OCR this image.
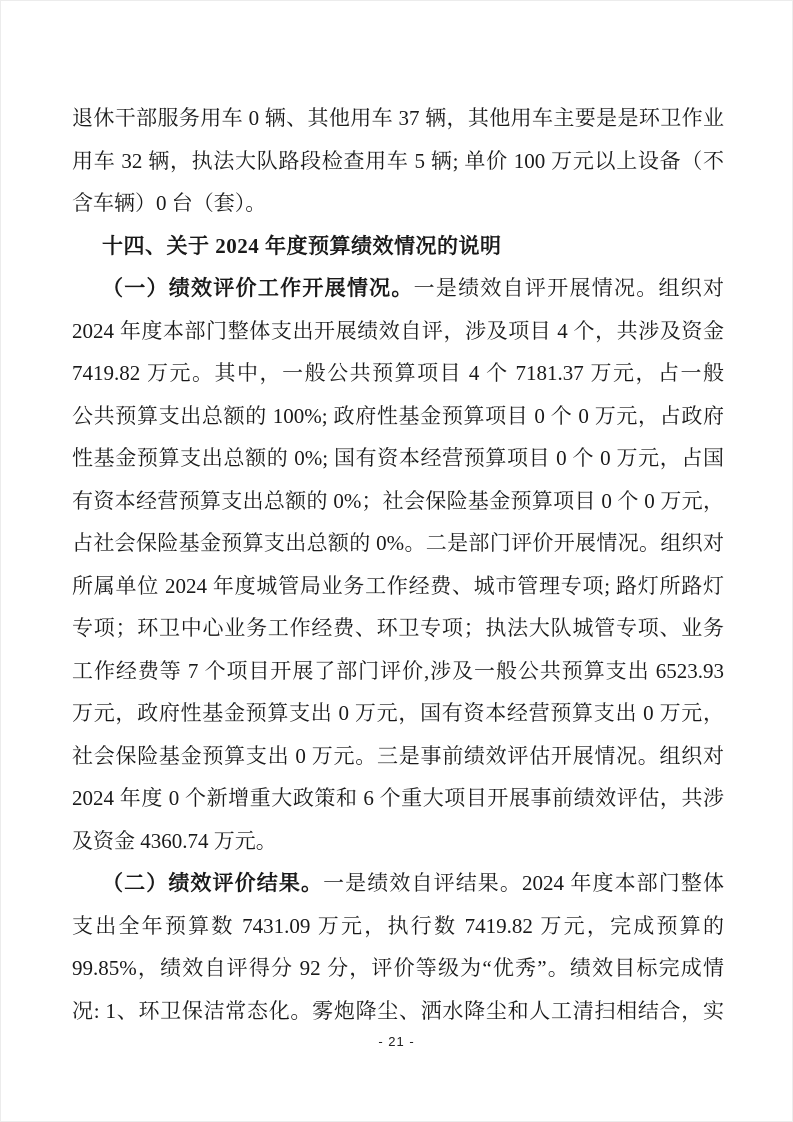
退休干部服务用车 0 辆、其他用车 37 辆，其他用车主要是是环卫作业
用车 32 辆，执法大队路段检查用车 5 辆; 单价 100 万元以上设备（不
含车辆）0 台（套）。
十四、关于 2024 年度预算绩效情况的说明
（一）绩效评价工作开展情况。一是绩效自评开展情况。组织对
2024 年度本部门整体支出开展绩效自评，涉及项目 4 个，共涉及资金
7419.82 万元。其中，一般公共预算项目 4 个 7181.37 万元，占一般
公共预算支出总额的 100%; 政府性基金预算项目 0 个 0 万元，占政府
性基金预算支出总额的 0%; 国有资本经营预算项目 0 个 0 万元，占国
有资本经营预算支出总额的 0%；社会保险基金预算项目 0 个 0 万元，
占社会保险基金预算支出总额的 0%。二是部门评价开展情况。组织对
所属单位 2024 年度城管局业务工作经费、城市管理专项; 路灯所路灯
专项；环卫中心业务工作经费、环卫专项；执法大队城管专项、业务
工作经费等 7 个项目开展了部门评价,涉及一般公共预算支出 6523.93
万元，政府性基金预算支出 0 万元，国有资本经营预算支出 0 万元，
社会保险基金预算支出 0 万元。三是事前绩效评估开展情况。组织对
2024 年度 0 个新增重大政策和 6 个重大项目开展事前绩效评估，共涉
及资金 4360.74 万元。
（二）绩效评价结果。一是绩效自评结果。2024 年度本部门整体
支出全年预算数 7431.09 万元，执行数 7419.82 万元，完成预算的
99.85%，绩效自评得分 92 分，评价等级为“优秀”。绩效目标完成情
况: 1、环卫保洁常态化。雾炮降尘、洒水降尘和人工清扫相结合，实
- 21 -
